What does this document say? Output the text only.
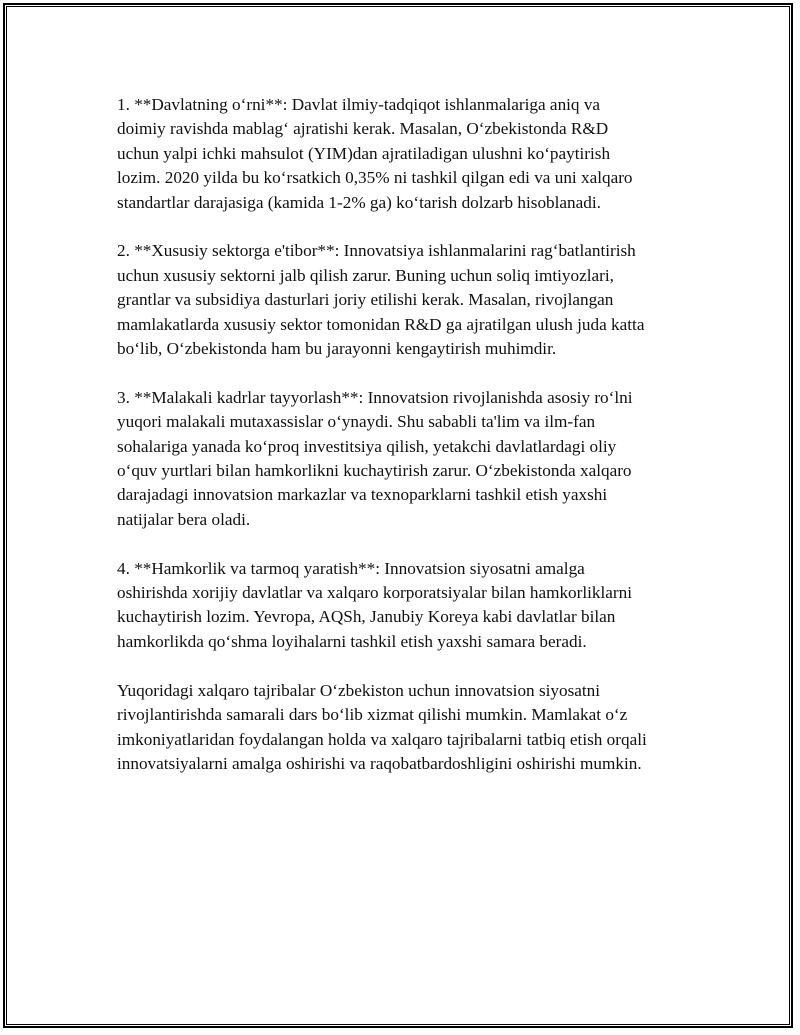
1. **Davlatning oʻrni**: Davlat ilmiy-tadqiqot ishlanmalariga aniq va
doimiy ravishda mablagʻ ajratishi kerak. Masalan, Oʻzbekistonda R&D
uchun yalpi ichki mahsulot (YIM)dan ajratiladigan ulushni koʻpaytirish
lozim. 2020 yilda bu koʻrsatkich 0,35% ni tashkil qilgan edi va uni xalqaro
standartlar darajasiga (kamida 1-2% ga) koʻtarish dolzarb hisoblanadi.

2. **Xususiy sektorga e'tibor**: Innovatsiya ishlanmalarini ragʻbatlantirish
uchun xususiy sektorni jalb qilish zarur. Buning uchun soliq imtiyozlari,
grantlar va subsidiya dasturlari joriy etilishi kerak. Masalan, rivojlangan
mamlakatlarda xususiy sektor tomonidan R&D ga ajratilgan ulush juda katta
boʻlib, Oʻzbekistonda ham bu jarayonni kengaytirish muhimdir.

3. **Malakali kadrlar tayyorlash**: Innovatsion rivojlanishda asosiy roʻlni
yuqori malakali mutaxassislar oʻynaydi. Shu sababli ta'lim va ilm-fan
sohalariga yanada koʻproq investitsiya qilish, yetakchi davlatlardagi oliy
oʻquv yurtlari bilan hamkorlikni kuchaytirish zarur. Oʻzbekistonda xalqaro
darajadagi innovatsion markazlar va texnoparklarni tashkil etish yaxshi
natijalar bera oladi.

4. **Hamkorlik va tarmoq yaratish**: Innovatsion siyosatni amalga
oshirishda xorijiy davlatlar va xalqaro korporatsiyalar bilan hamkorliklarni
kuchaytirish lozim. Yevropa, AQSh, Janubiy Koreya kabi davlatlar bilan
hamkorlikda qoʻshma loyihalarni tashkil etish yaxshi samara beradi.

Yuqoridagi xalqaro tajribalar Oʻzbekiston uchun innovatsion siyosatni
rivojlantirishda samarali dars boʻlib xizmat qilishi mumkin. Mamlakat oʻz
imkoniyatlaridan foydalangan holda va xalqaro tajribalarni tatbiq etish orqali
innovatsiyalarni amalga oshirishi va raqobatbardoshligini oshirishi mumkin.
